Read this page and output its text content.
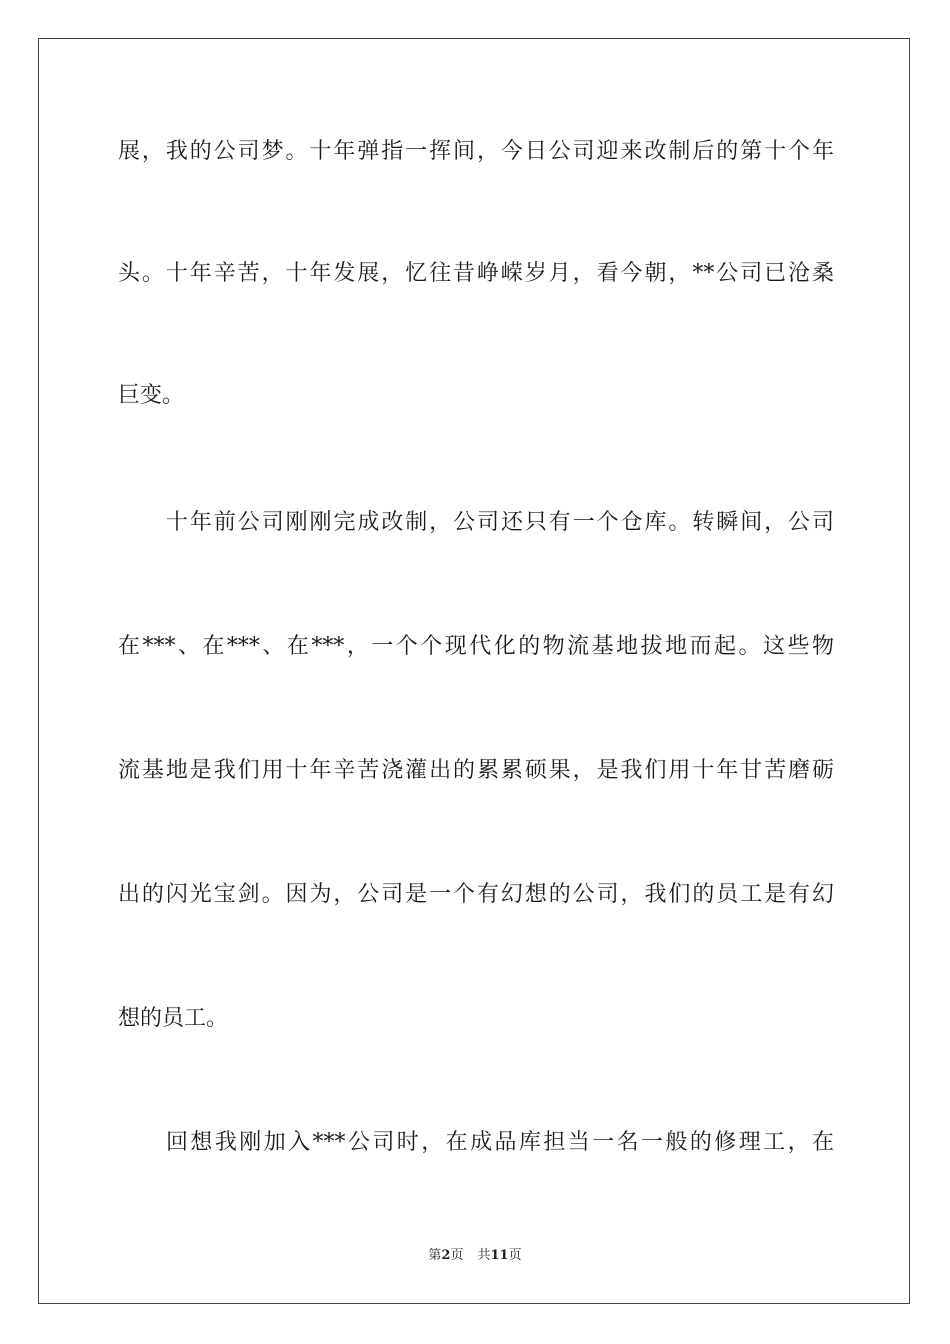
展，我的公司梦。十年弹指一挥间，今日公司迎来改制后的第十个年
头。十年辛苦，十年发展，忆往昔峥嵘岁月，看今朝，**公司已沧桑
巨变。
十年前公司刚刚完成改制，公司还只有一个仓库。转瞬间，公司
在***、在***、在***，一个个现代化的物流基地拔地而起。这些物
流基地是我们用十年辛苦浇灌出的累累硕果，是我们用十年甘苦磨砺
出的闪光宝剑。因为，公司是一个有幻想的公司，我们的员工是有幻
想的员工。
回想我刚加入***公司时，在成品库担当一名一般的修理工，在
第2页 共11页
